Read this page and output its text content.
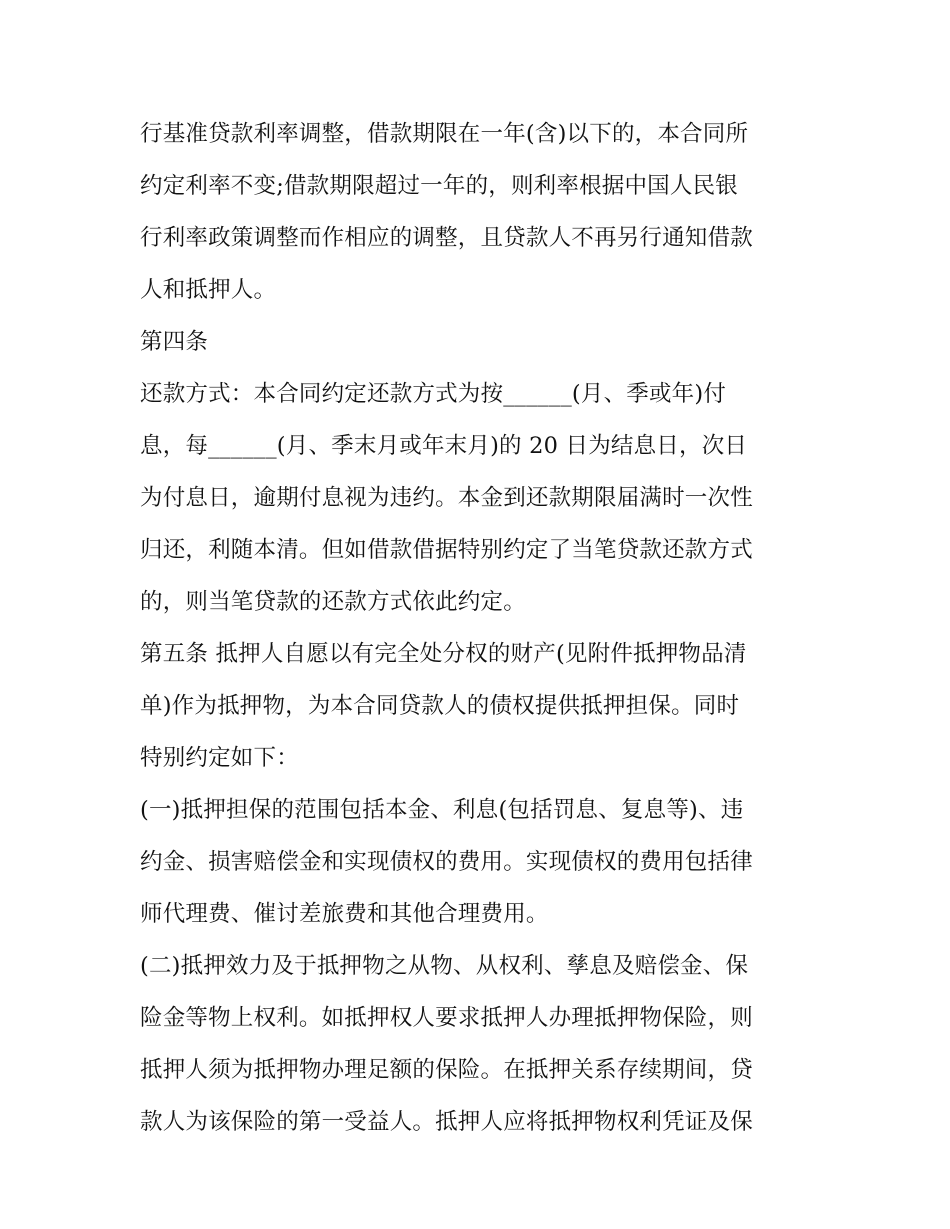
行基准贷款利率调整，借款期限在一年(含)以下的，本合同所
约定利率不变;借款期限超过一年的，则利率根据中国人民银
行利率政策调整而作相应的调整，且贷款人不再另行通知借款
人和抵押人。
第四条
还款方式：本合同约定还款方式为按______(月、季或年)付
息，每______(月、季末月或年末月)的 20 日为结息日，次日
为付息日，逾期付息视为违约。本金到还款期限届满时一次性
归还，利随本清。但如借款借据特别约定了当笔贷款还款方式
的，则当笔贷款的还款方式依此约定。
第五条 抵押人自愿以有完全处分权的财产(见附件抵押物品清
单)作为抵押物，为本合同贷款人的债权提供抵押担保。同时
特别约定如下：
(一)抵押担保的范围包括本金、利息(包括罚息、复息等)、违
约金、损害赔偿金和实现债权的费用。实现债权的费用包括律
师代理费、催讨差旅费和其他合理费用。
(二)抵押效力及于抵押物之从物、从权利、孳息及赔偿金、保
险金等物上权利。如抵押权人要求抵押人办理抵押物保险，则
抵押人须为抵押物办理足额的保险。在抵押关系存续期间，贷
款人为该保险的第一受益人。抵押人应将抵押物权利凭证及保
